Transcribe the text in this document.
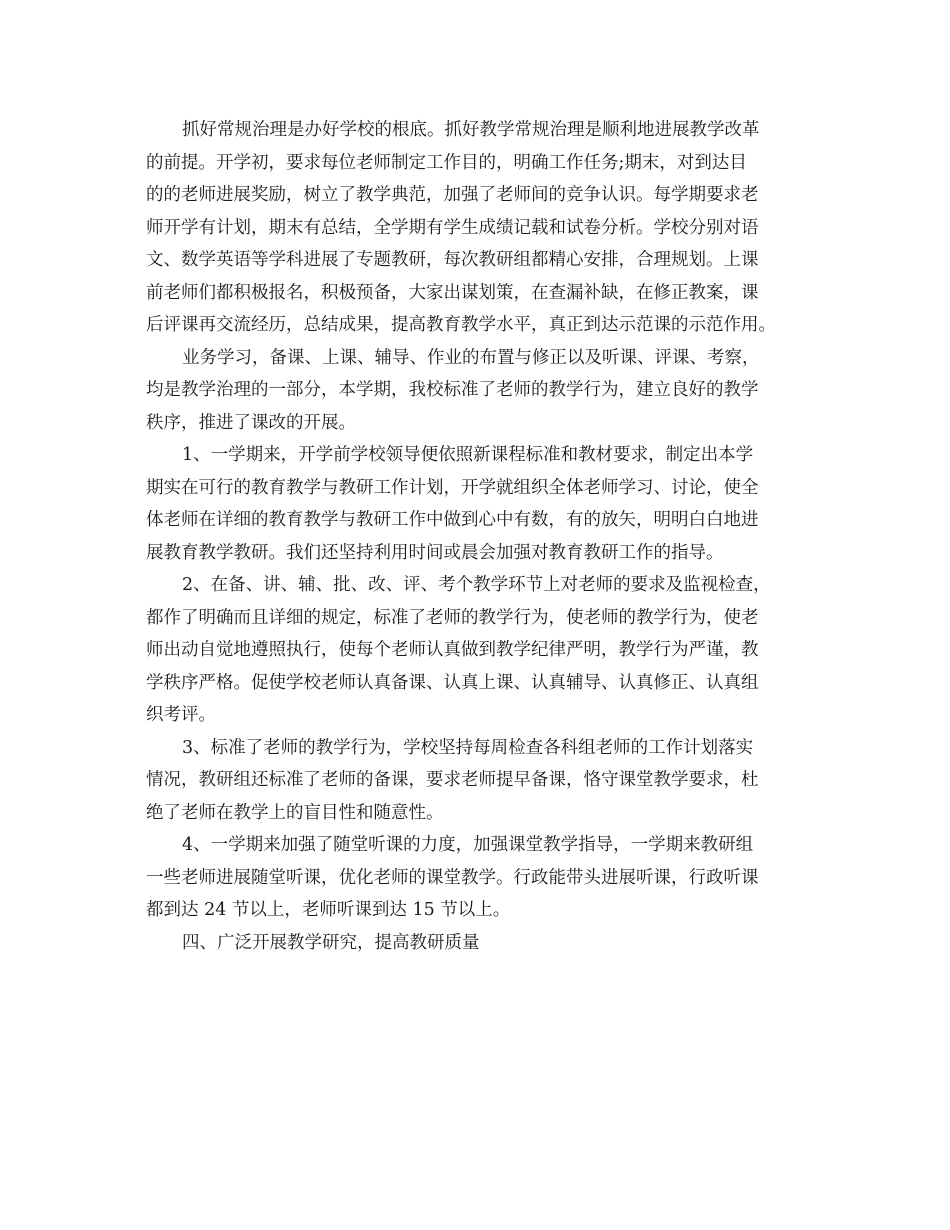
抓好常规治理是办好学校的根底。抓好教学常规治理是顺利地进展教学改革
的前提。开学初，要求每位老师制定工作目的，明确工作任务;期末，对到达目
的的老师进展奖励，树立了教学典范，加强了老师间的竞争认识。每学期要求老
师开学有计划，期末有总结，全学期有学生成绩记载和试卷分析。学校分别对语
文、数学英语等学科进展了专题教研，每次教研组都精心安排，合理规划。上课
前老师们都积极报名，积极预备，大家出谋划策，在查漏补缺，在修正教案，课
后评课再交流经历，总结成果，提高教育教学水平，真正到达示范课的示范作用。
业务学习，备课、上课、辅导、作业的布置与修正以及听课、评课、考察，
均是教学治理的一部分，本学期，我校标准了老师的教学行为，建立良好的教学
秩序，推进了课改的开展。
1、一学期来，开学前学校领导便依照新课程标准和教材要求，制定出本学
期实在可行的教育教学与教研工作计划，开学就组织全体老师学习、讨论，使全
体老师在详细的教育教学与教研工作中做到心中有数，有的放矢，明明白白地进
展教育教学教研。我们还坚持利用时间或晨会加强对教育教研工作的指导。
2、在备、讲、辅、批、改、评、考个教学环节上对老师的要求及监视检查，
都作了明确而且详细的规定，标准了老师的教学行为，使老师的教学行为，使老
师出动自觉地遵照执行，使每个老师认真做到教学纪律严明，教学行为严谨，教
学秩序严格。促使学校老师认真备课、认真上课、认真辅导、认真修正、认真组
织考评。
3、标准了老师的教学行为，学校坚持每周检查各科组老师的工作计划落实
情况，教研组还标准了老师的备课，要求老师提早备课，恪守课堂教学要求，杜
绝了老师在教学上的盲目性和随意性。
4、一学期来加强了随堂听课的力度，加强课堂教学指导，一学期来教研组
一些老师进展随堂听课，优化老师的课堂教学。行政能带头进展听课，行政听课
都到达 24 节以上，老师听课到达 15 节以上。
四、广泛开展教学研究，提高教研质量
